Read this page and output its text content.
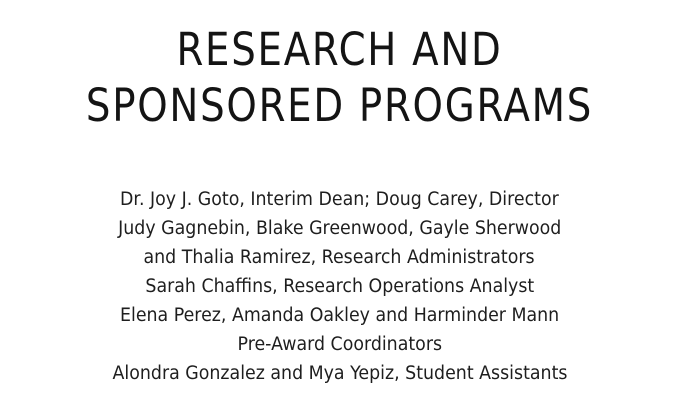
RESEARCH AND
SPONSORED PROGRAMS
Dr. Joy J. Goto, Interim Dean; Doug Carey, Director
Judy Gagnebin, Blake Greenwood, Gayle Sherwood
and Thalia Ramirez, Research Administrators
Sarah Chaffins, Research Operations Analyst
Elena Perez, Amanda Oakley and Harminder Mann
Pre-Award Coordinators
Alondra Gonzalez and Mya Yepiz, Student Assistants
